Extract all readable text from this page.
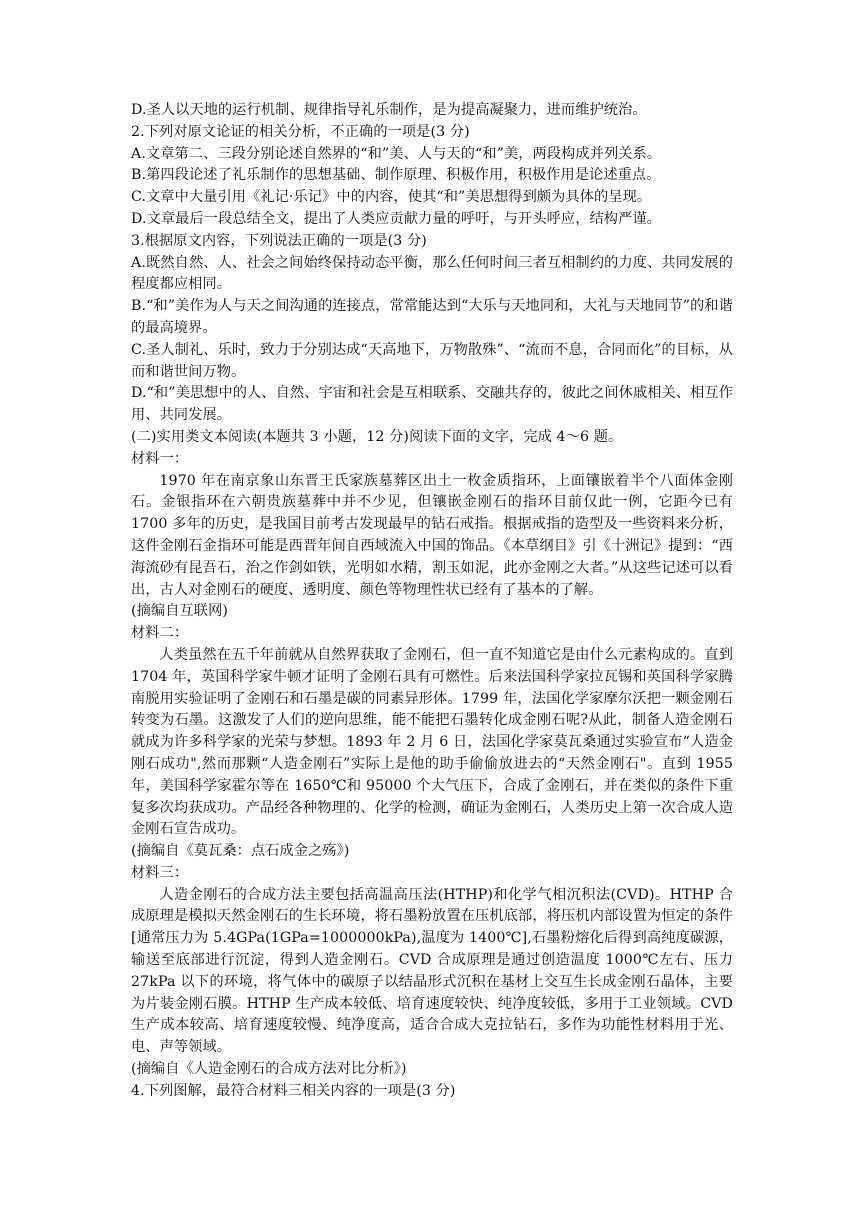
D.圣人以天地的运行机制、规律指导礼乐制作，是为提高凝聚力，进而维护统治。

2.下列对原文论证的相关分析，不正确的一项是(3 分)

A.文章第二、三段分别论述自然界的“和”美、人与天的“和”美，两段构成并列关系。

B.第四段论述了礼乐制作的思想基础、制作原理、积极作用，积极作用是论述重点。

C.文章中大量引用《礼记·乐记》中的内容，使其“和”美思想得到颇为具体的呈现。

D.文章最后一段总结全文，提出了人类应贡献力量的呼吁，与开头呼应，结构严谨。

3.根据原文内容，下列说法正确的一项是(3 分)

A.既然自然、人、社会之间始终保持动态平衡，那么任何时间三者互相制约的力度、共同发展的程度都应相同。

B.“和”美作为人与天之间沟通的连接点，常常能达到“大乐与天地同和，大礼与天地同节”的和谐的最高境界。

C.圣人制礼、乐时，致力于分别达成“天高地下，万物散殊”、“流而不息，合同而化”的目标，从而和谐世间万物。

D.“和”美思想中的人、自然、宇宙和社会是互相联系、交融共存的，彼此之间休戚相关、相互作用、共同发展。

(二)实用类文本阅读(本题共 3 小题，12 分)阅读下面的文字，完成 4～6 题。

材料一：

1970 年在南京象山东晋王氏家族墓葬区出土一枚金质指环，上面镶嵌着半个八面体金刚石。金银指环在六朝贵族墓葬中并不少见，但镶嵌金刚石的指环目前仅此一例，它距今已有 1700 多年的历史，是我国目前考古发现最早的钻石戒指。根据戒指的造型及一些资料来分析，这件金刚石金指环可能是西晋年间自西域流入中国的饰品。《本草纲目》引《十洲记》提到：“西海流砂有昆吾石，治之作剑如铁，光明如水精，割玉如泥，此亦金刚之大者。”从这些记述可以看出，古人对金刚石的硬度、透明度、颜色等物理性状已经有了基本的了解。

(摘编自互联网)

材料二：

人类虽然在五千年前就从自然界获取了金刚石，但一直不知道它是由什么元素构成的。直到 1704 年，英国科学家牛顿才证明了金刚石具有可燃性。后来法国科学家拉瓦锡和英国科学家腾南脱用实验证明了金刚石和石墨是碳的同素异形体。1799 年，法国化学家摩尔沃把一颗金刚石转变为石墨。这激发了人们的逆向思维，能不能把石墨转化成金刚石呢?从此，制备人造金刚石就成为许多科学家的光荣与梦想。1893 年 2 月 6 日，法国化学家莫瓦桑通过实验宣布“人造金刚石成功",然而那颗“人造金刚石”实际上是他的助手偷偷放进去的“天然金刚石"。直到 1955 年，美国科学家霍尔等在 1650℃和 95000 个大气压下，合成了金刚石，并在类似的条件下重复多次均获成功。产品经各种物理的、化学的检测，确证为金刚石，人类历史上第一次合成人造金刚石宣告成功。

(摘编自《莫瓦桑：点石成金之殇》)

材料三：

人造金刚石的合成方法主要包括高温高压法(HTHP)和化学气相沉积法(CVD)。HTHP 合成原理是模拟天然金刚石的生长环境，将石墨粉放置在压机底部，将压机内部设置为恒定的条件[通常压力为 5.4GPa(1GPa=1000000kPa),温度为 1400℃],石墨粉熔化后得到高纯度碳源，输送至底部进行沉淀，得到人造金刚石。CVD 合成原理是通过创造温度 1000℃左右、压力 27kPa 以下的环境，将气体中的碳原子以结晶形式沉积在基材上交互生长成金刚石晶体，主要为片装金刚石膜。HTHP 生产成本较低、培育速度较快、纯净度较低，多用于工业领域。CVD 生产成本较高、培育速度较慢、纯净度高，适合合成大克拉钻石，多作为功能性材料用于光、电、声等领域。

(摘编自《人造金刚石的合成方法对比分析》)

4.下列图解，最符合材料三相关内容的一项是(3 分)
